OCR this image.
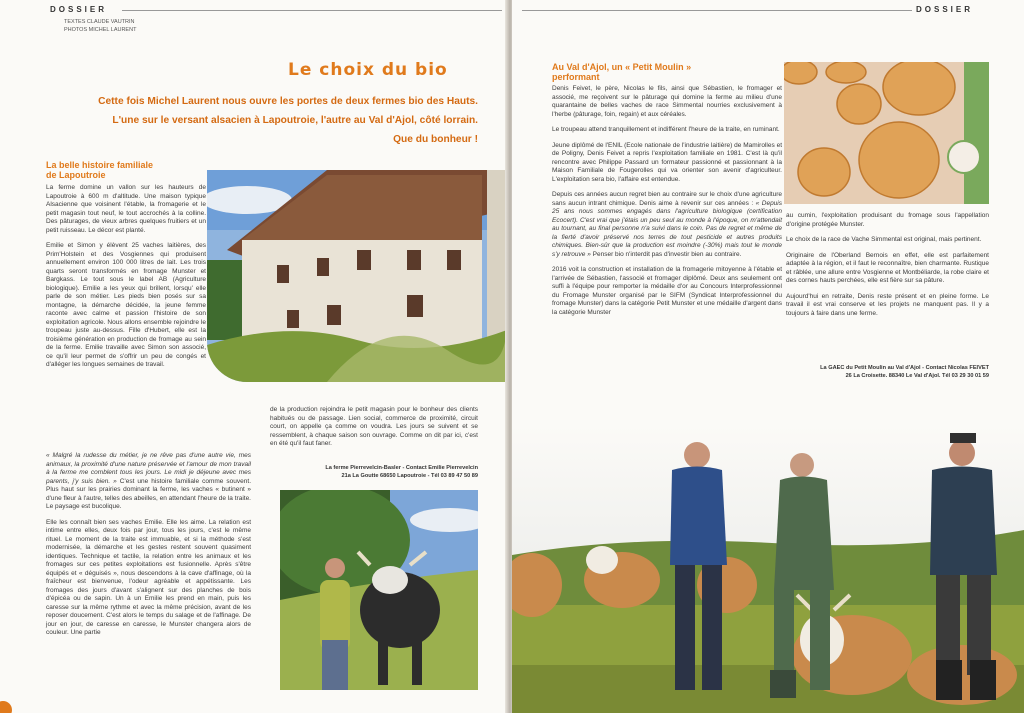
DOSSIER
TEXTES CLAUDE VAUTRIN
PHOTOS MICHEL LAURENT
Le choix du bio
Cette fois Michel Laurent nous ouvre les portes de deux fermes bio des Hauts.
L'une sur le versant alsacien à Lapoutroie, l'autre au Val d'Ajol, côté lorrain.
Que du bonheur !
La belle histoire familiale
de Lapoutroie

La ferme domine un vallon sur les hauteurs de Lapoutroie à 600 m d'altitude. Une maison typique Alsacienne que voisinent l'étable, la fromagerie et le petit magasin tout neuf, le tout accrochés à la colline. Des pâturages, de vieux arbres quelques fruitiers et un petit ruisseau. Le décor est planté.

Emilie et Simon y élèvent 25 vaches laitières, des Prim'Holstein et des Vosgiennes qui produisent annuellement environ 100 000 litres de lait. Les trois quarts seront transformés en fromage Munster et Bargkass. Le tout sous le label AB (Agriculture biologique). Emilie a les yeux qui brillent, lorsqu' elle parle de son métier. Les pieds bien posés sur sa montagne, la démarche décidée, la jeune femme raconte avec calme et passion l'histoire de son exploitation agricole. Nous allons ensemble rejoindre le troupeau juste au-dessus. Fille d'Hubert, elle est la troisième génération en production de fromage au sein de la ferme. Emilie travaille avec Simon son associé, ce qu'il leur permet de s'offrir un peu de congés et d'alléger les longues semaines de travail.

« Malgré la rudesse du métier, je ne rêve pas d'une autre vie, mes animaux, la proximité d'une nature préservée et l'amour de mon travail à la ferme me comblent tous les jours. Le midi je déjeune avec mes parents, j'y suis bien. » C'est une histoire familiale comme souvent. Plus haut sur les prairies dominant la ferme, les vaches « butinent » d'une fleur à l'autre, telles des abeilles, en attendant l'heure de la traite. Le paysage est bucolique.

Elle les connaît bien ses vaches Emilie. Elle les aime. La relation est intime entre elles, deux fois par jour, tous les jours, c'est le même rituel. Le moment de la traite est immuable, et si la méthode s'est modernisée, la démarche et les gestes restent souvent quasiment identiques. Technique et tactile, la relation entre les animaux et les fromages sur ces petites exploitations est fusionnelle. Après s'être équipés et « déguisés », nous descendons à la cave d'affinage, où la fraîcheur est bienvenue, l'odeur agréable et appétissante. Les fromages des jours d'avant s'alignent sur des planches de bois d'épicéa ou de sapin. Un à un Emilie les prend en main, puis les caresse sur la même rythme et avec la même précision, avant de les reposer doucement. C'est alors le temps du salage et de l'affinage. De jour en jour, de caresse en caresse, le Munster changera alors de couleur. Une partie

de la production rejoindra le petit magasin pour le bonheur des clients habitués ou de passage. Lien social, commerce de proximité, circuit court, on appelle ça comme on voudra. Les jours se suivent et se ressemblent, à chaque saison son ouvrage. Comme on dit par ici, c'est en été qu'il faut faner.

La ferme Pierrevelcin-Basler - Contact Emilie Pierrevelcin
21a La Goutte 68650 Lapoutroie - Tél 03 89 47 50 89
DOSSIER
Au Val d'Ajol, un « Petit Moulin »
performant

Denis Feivet, le père, Nicolas le fils, ainsi que Sébastien, le fromager et associé, me reçoivent sur le pâturage qui domine la ferme au milieu d'une quarantaine de belles vaches de race Simmental nourries exclusivement à l'herbe (pâturage, foin, regain) et aux céréales.

Le troupeau attend tranquillement et indifférent l'heure de la traite, en ruminant.

Jeune diplômé de l'ENIL (Ecole nationale de l'industrie laitière) de Mamirolles et de Poligny, Denis Feivet a repris l'exploitation familiale en 1981. C'est là qu'il rencontre avec Philippe Passard un formateur passionné et passionnant à la Maison Familiale de Fougerolles qui va orienter son avenir d'agriculteur. L'exploitation sera bio, l'affaire est entendue.

Depuis ces années aucun regret bien au contraire sur le choix d'une agriculture sans aucun intrant chimique. Denis aime à revenir sur ces années : « Depuis 25 ans nous sommes engagés dans l'agriculture biologique (certification Ecocert). C'est vrai que j'étais un peu seul au monde à l'époque, on m'attendait au tournant, au final personne n'a suivi dans le coin. Pas de regret et même de la fierté d'avoir préservé nos terres de tout pesticide et autres produits chimiques. Bien-sûr que la production est moindre (-30%) mais tout le monde s'y retrouve » Penser bio n'interdit pas d'investir bien au contraire.

2016 voit la construction et installation de la fromagerie mitoyenne à l'étable et l'arrivée de Sébastien, l'associé et fromager diplômé. Deux ans seulement ont suffi à l'équipe pour remporter la médaille d'or au Concours Interprofessionnel du Fromage Munster organisé par le SIFM (Syndicat Interprofessionnel du fromage Munster) dans la catégorie Petit Munster et une médaille d'argent dans la catégorie Munster

au cumin, l'exploitation produisant du fromage sous l'appellation d'origine protégée Munster.

Le choix de la race de Vache Simmental est original, mais pertinent.

Originaire de l'Oberland Bernois en effet, elle est parfaitement adaptée à la région, et il faut le reconnaître, bien charmante. Rustique et râblée, une allure entre Vosgienne et Montbéliarde, la robe claire et des cornes hauts perchées, elle est fière sur sa pâture.

Aujourd'hui en retraite, Denis reste présent et en pleine forme. Le travail il est vrai conserve et les projets ne manquent pas. Il y a toujours à faire dans une ferme.

La GAEC du Petit Moulin au Val d'Ajol - Contact Nicolas FEIVET
26 La Croisette. 88340 Le Val d'Ajol. Tél 03 29 30 01 59
